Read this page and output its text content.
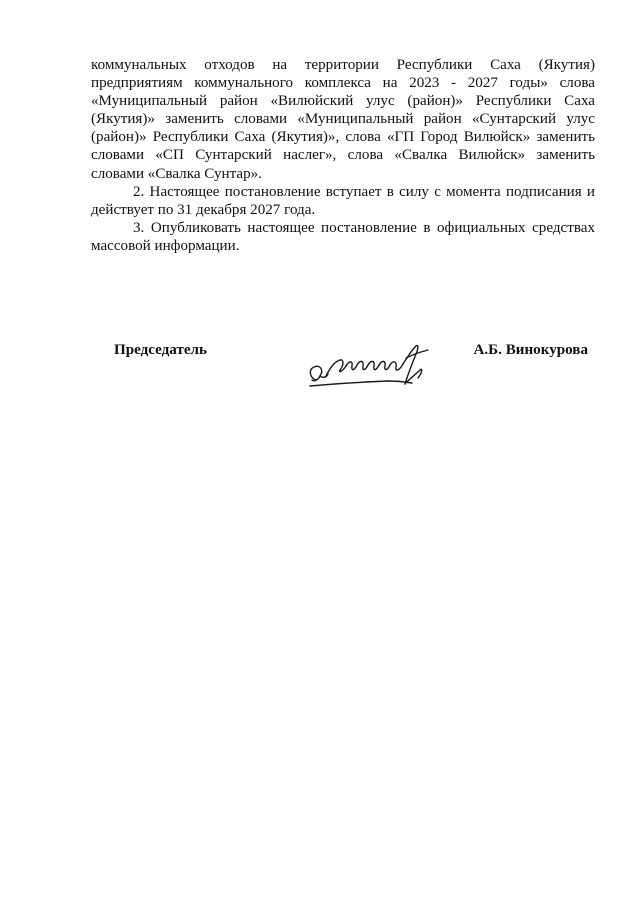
коммунальных отходов на территории Республики Саха (Якутия) предприятиям коммунального комплекса на 2023 - 2027 годы» слова «Муниципальный район «Вилюйский улус (район)» Республики Саха (Якутия)» заменить словами «Муниципальный район «Сунтарский улус (район)» Республики Саха (Якутия)», слова «ГП Город Вилюйск» заменить словами «СП Сунтарский наслег», слова «Свалка Вилюйск» заменить словами «Свалка Сунтар».

2. Настоящее постановление вступает в силу с момента подписания и действует по 31 декабря 2027 года.

3. Опубликовать настоящее постановление в официальных средствах массовой информации.

Председатель	А.Б. Винокурова
